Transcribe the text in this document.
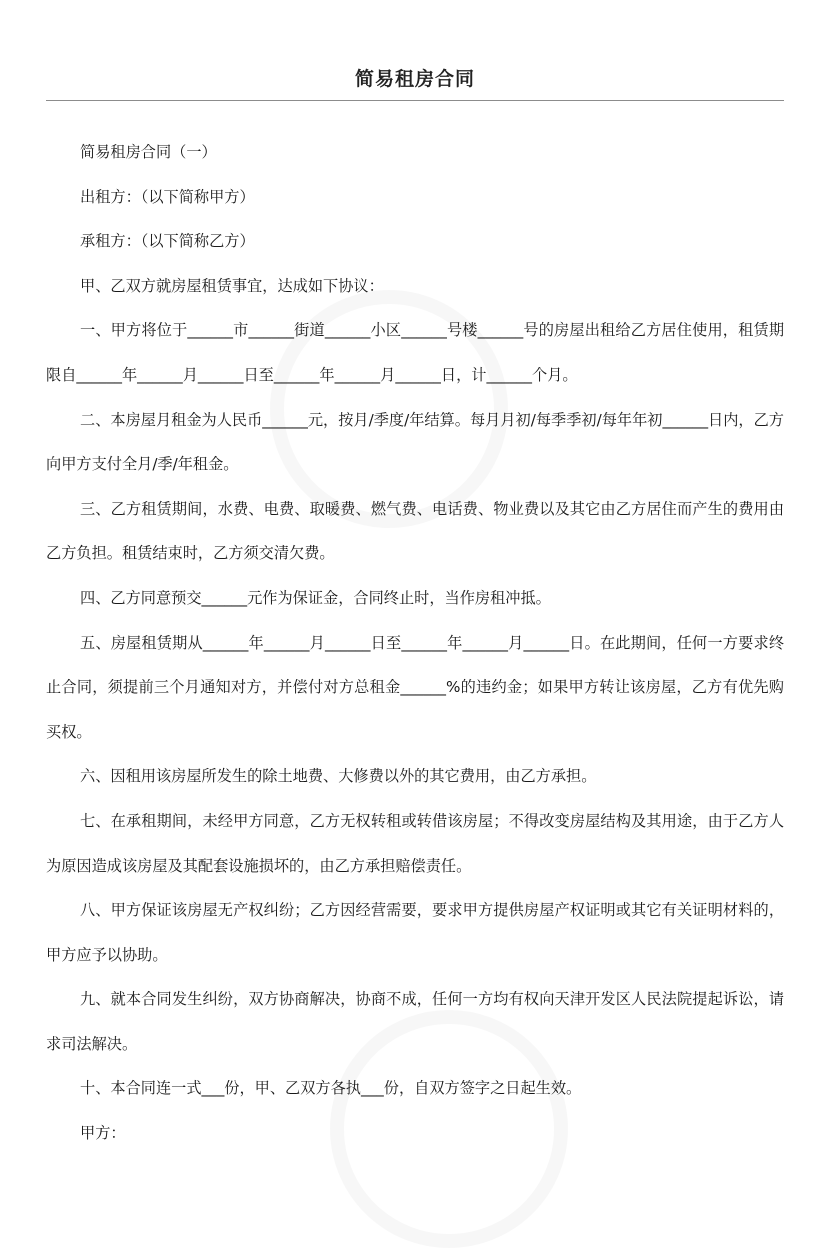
简易租房合同

简易租房合同（一）

出租方：（以下简称甲方）

承租方：（以下简称乙方）

甲、乙双方就房屋租赁事宜，达成如下协议：

一、甲方将位于______市______街道______小区______号楼______号的房屋出租给乙方居住使用，租赁期限自______年______月______日至______年______月______日，计______个月。

二、本房屋月租金为人民币______元，按月/季度/年结算。每月月初/每季季初/每年年初______日内，乙方向甲方支付全月/季/年租金。

三、乙方租赁期间，水费、电费、取暖费、燃气费、电话费、物业费以及其它由乙方居住而产生的费用由乙方负担。租赁结束时，乙方须交清欠费。

四、乙方同意预交______元作为保证金，合同终止时，当作房租冲抵。

五、房屋租赁期从______年______月______日至______年______月______日。在此期间，任何一方要求终止合同，须提前三个月通知对方，并偿付对方总租金______%的违约金；如果甲方转让该房屋，乙方有优先购买权。

六、因租用该房屋所发生的除土地费、大修费以外的其它费用，由乙方承担。

七、在承租期间，未经甲方同意，乙方无权转租或转借该房屋；不得改变房屋结构及其用途，由于乙方人为原因造成该房屋及其配套设施损坏的，由乙方承担赔偿责任。

八、甲方保证该房屋无产权纠纷；乙方因经营需要，要求甲方提供房屋产权证明或其它有关证明材料的，甲方应予以协助。

九、就本合同发生纠纷，双方协商解决，协商不成，任何一方均有权向天津开发区人民法院提起诉讼，请求司法解决。

十、本合同连一式___份，甲、乙双方各执___份，自双方签字之日起生效。

甲方：
